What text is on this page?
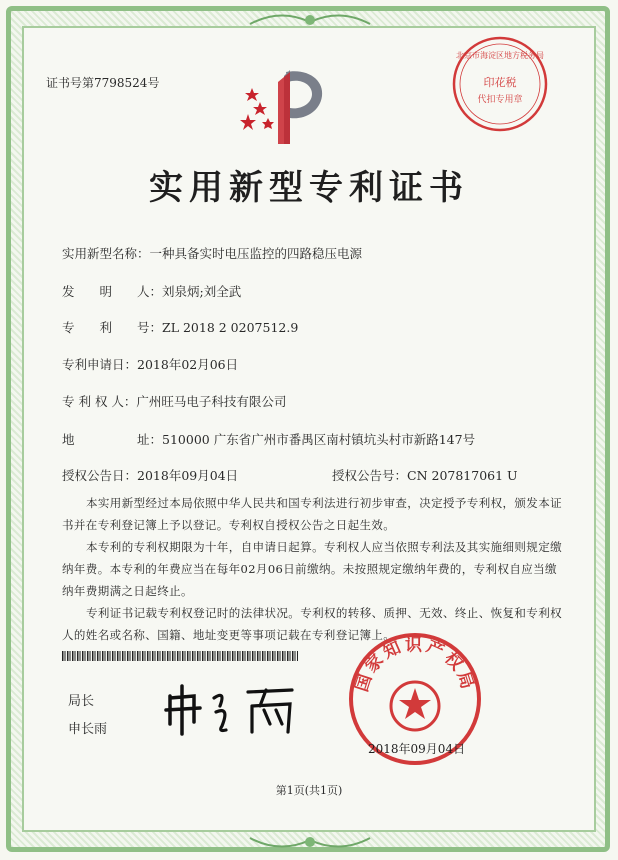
证书号第7798524号
北京市海淀区地方税务局
印花税
代扣专用章
实用新型专利证书
实用新型名称：一种具备实时电压监控的四路稳压电源
发　　明　　人：刘泉炳;刘全武
专　　利　　号：ZL 2018 2 0207512.9
专利申请日：2018年02月06日
专 利 权 人：广州旺马电子科技有限公司
地　　　　　址：510000 广东省广州市番禺区南村镇坑头村市新路147号
授权公告日：2018年09月04日	授权公告号：CN 207817061 U
本实用新型经过本局依照中华人民共和国专利法进行初步审查，决定授予专利权，颁发本证书并在专利登记簿上予以登记。专利权自授权公告之日起生效。
本专利的专利权期限为十年，自申请日起算。专利权人应当依照专利法及其实施细则规定缴纳年费。本专利的年费应当在每年02月06日前缴纳。未按照规定缴纳年费的，专利权自应当缴纳年费期满之日起终止。
专利证书记载专利权登记时的法律状况。专利权的转移、质押、无效、终止、恢复和专利权人的姓名或名称、国籍、地址变更等事项记载在专利登记簿上。
局长
申长雨
国家知识产权局
2018年09月04日
第1页(共1页)
